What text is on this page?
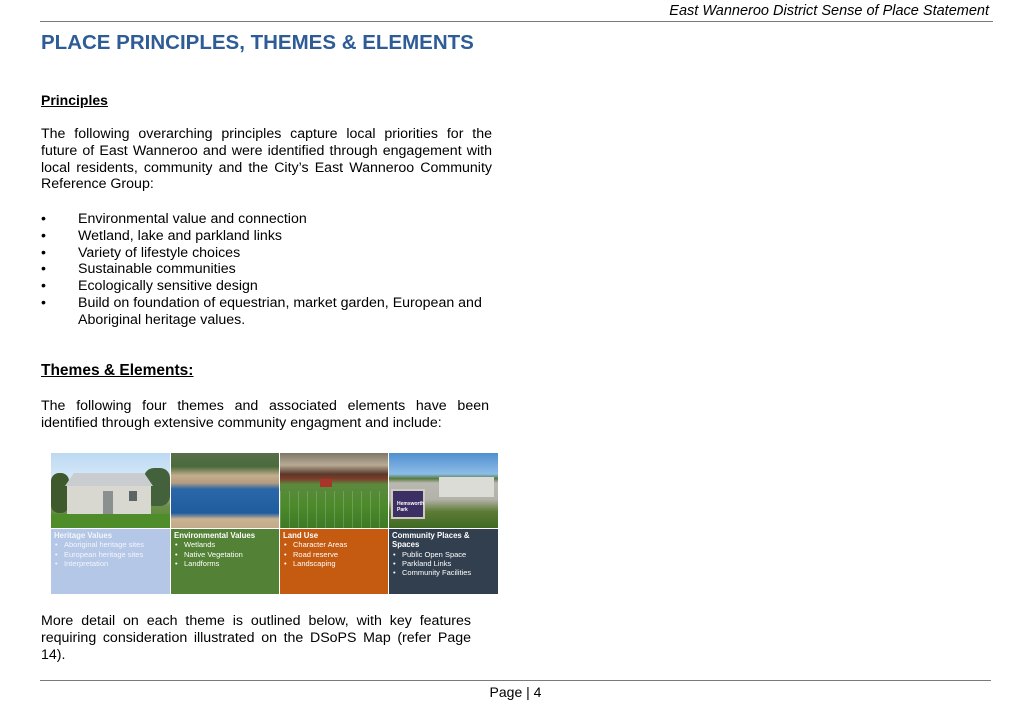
East Wanneroo District Sense of Place Statement
PLACE PRINCIPLES, THEMES & ELEMENTS
Principles

The following overarching principles capture local priorities for the future of East Wanneroo and were identified through engagement with local residents, community and the City’s East Wanneroo Community Reference Group:

•	Environmental value and connection
•	Wetland, lake and parkland links
•	Variety of lifestyle choices
•	Sustainable communities
•	Ecologically sensitive design
•	Build on foundation of equestrian, market garden, European and Aboriginal heritage values.
Themes & Elements:

The following four themes and associated elements have been identified through extensive community engagment and include:

Heritage Values
• Aboriginal heritage sites
• European heritage sites
• Interpretation
Environmental Values
• Wetlands
• Native Vegetation
• Landforms
Land Use
• Character Areas
• Road reserve
• Landscaping
Hemsworth Park
Community Places & Spaces
• Public Open Space
• Parkland Links
• Community Facilities

More detail on each theme is outlined below, with key features requiring consideration illustrated on the DSoPS Map (refer Page 14).

Page | 4
